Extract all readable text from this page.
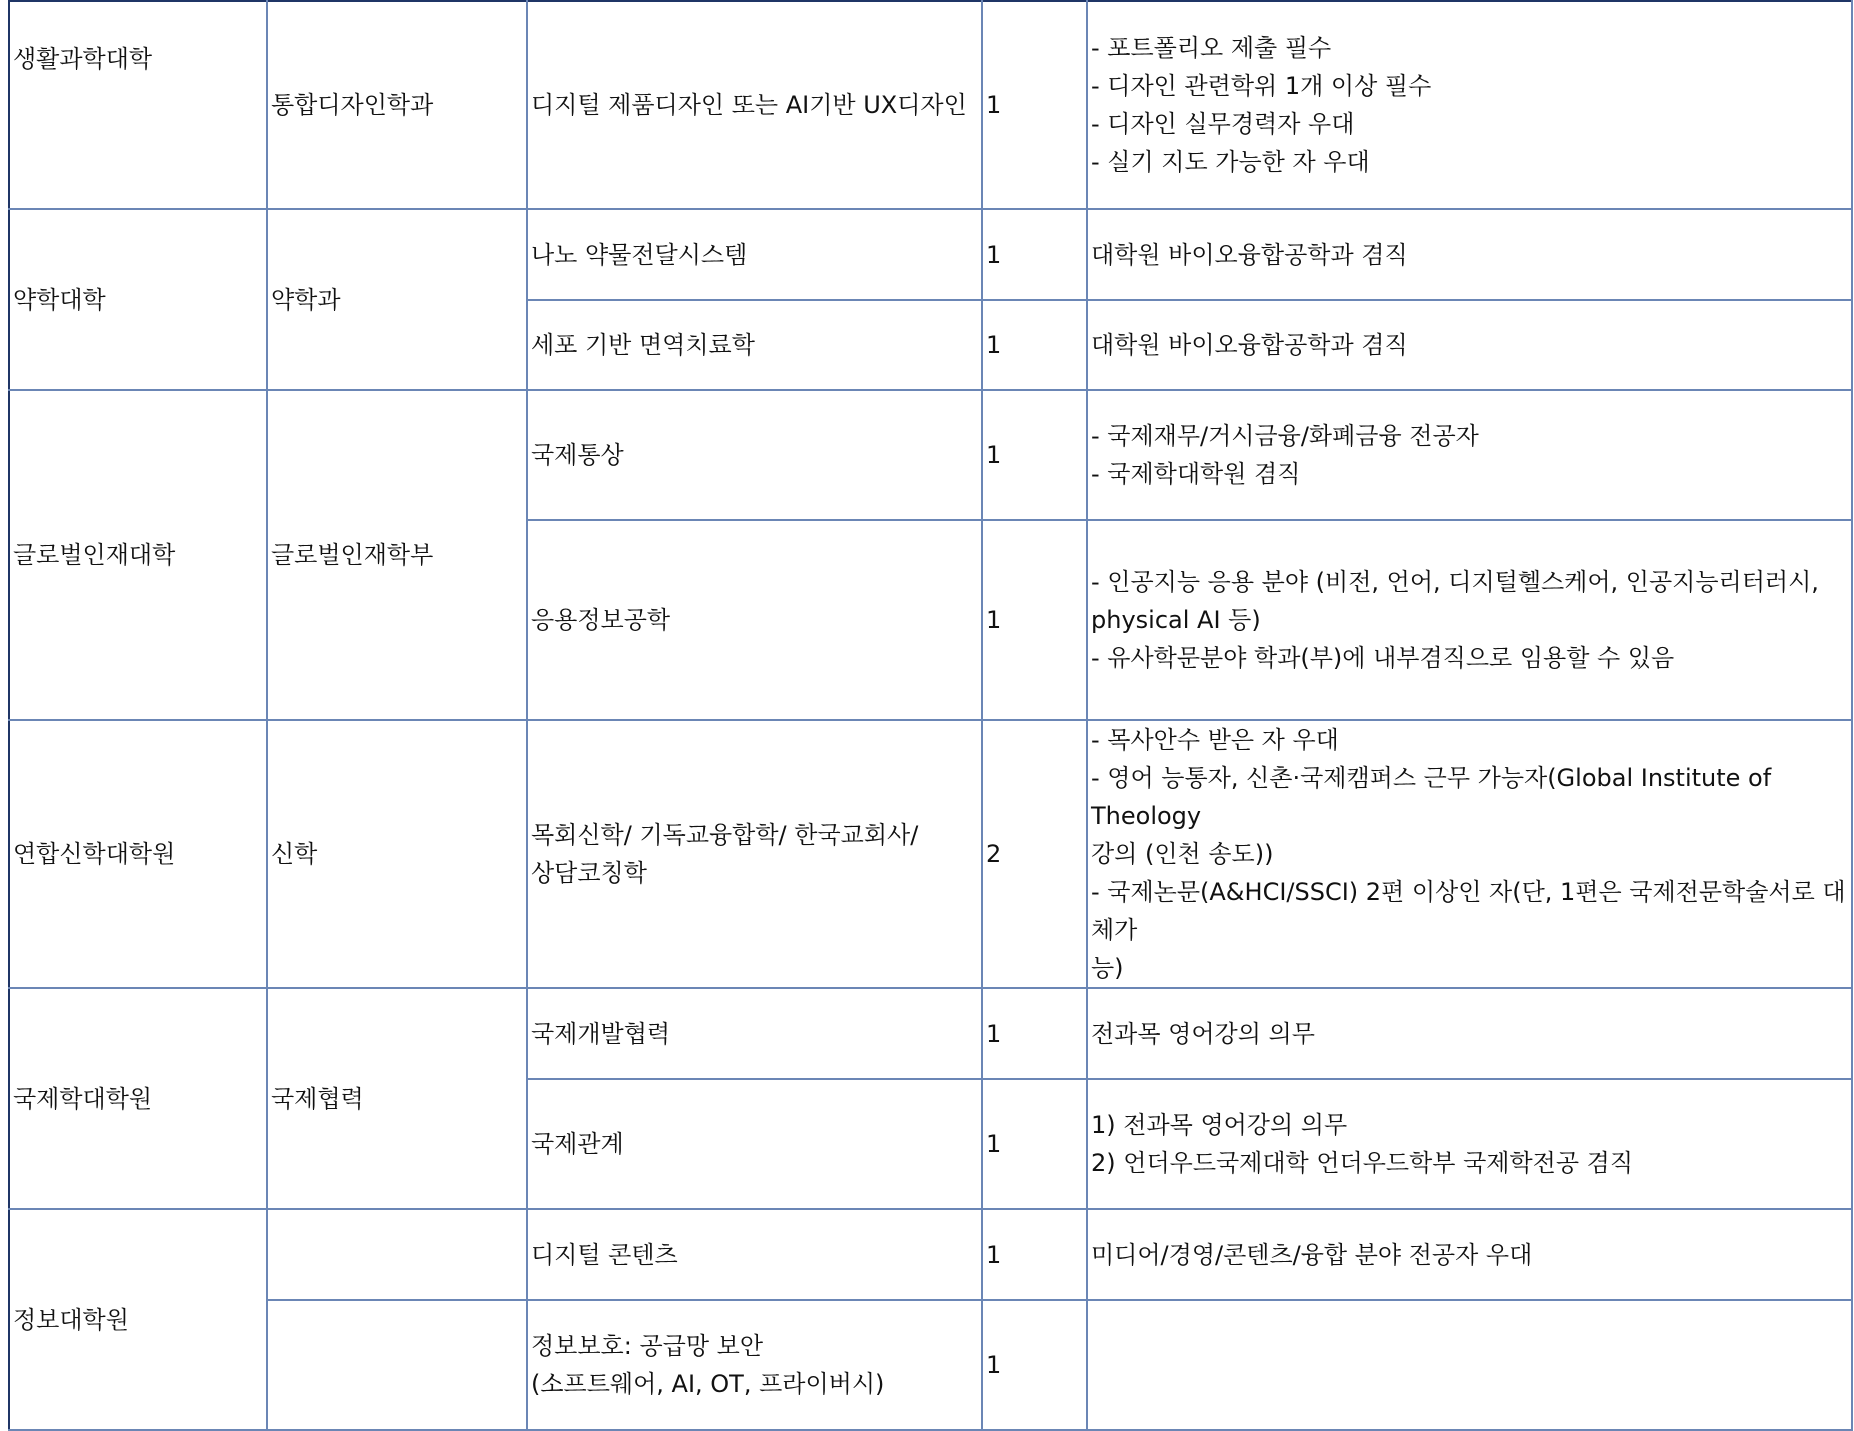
생활과학대학	통합디자인학과	디지털 제품디자인 또는 AI기반 UX디자인	1	- 포트폴리오 제출 필수
- 디자인 관련학위 1개 이상 필수
- 디자인 실무경력자 우대
- 실기 지도 가능한 자 우대
약학대학	약학과	나노 약물전달시스템	1	대학원 바이오융합공학과 겸직
		세포 기반 면역치료학	1	대학원 바이오융합공학과 겸직
글로벌인재대학	글로벌인재학부	국제통상	1	- 국제재무/거시금융/화폐금융 전공자
- 국제학대학원 겸직
		응용정보공학	1	- 인공지능 응용 분야 (비전, 언어, 디지털헬스케어, 인공지능리터러시,
physical AI 등)
- 유사학문분야 학과(부)에 내부겸직으로 임용할 수 있음
연합신학대학원	신학	목회신학/ 기독교융합학/ 한국교회사/
상담코칭학	2	- 목사안수 받은 자 우대
- 영어 능통자, 신촌·국제캠퍼스 근무 가능자(Global Institute of Theology
강의 (인천 송도))
- 국제논문(A&HCI/SSCI) 2편 이상인 자(단, 1편은 국제전문학술서로 대체가
능)
국제학대학원	국제협력	국제개발협력	1	전과목 영어강의 의무
		국제관계	1	1) 전과목 영어강의 의무
2) 언더우드국제대학 언더우드학부 국제학전공 겸직
정보대학원		디지털 콘텐츠	1	미디어/경영/콘텐츠/융합 분야 전공자 우대
		정보보호: 공급망 보안
(소프트웨어, AI, OT, 프라이버시)	1	
